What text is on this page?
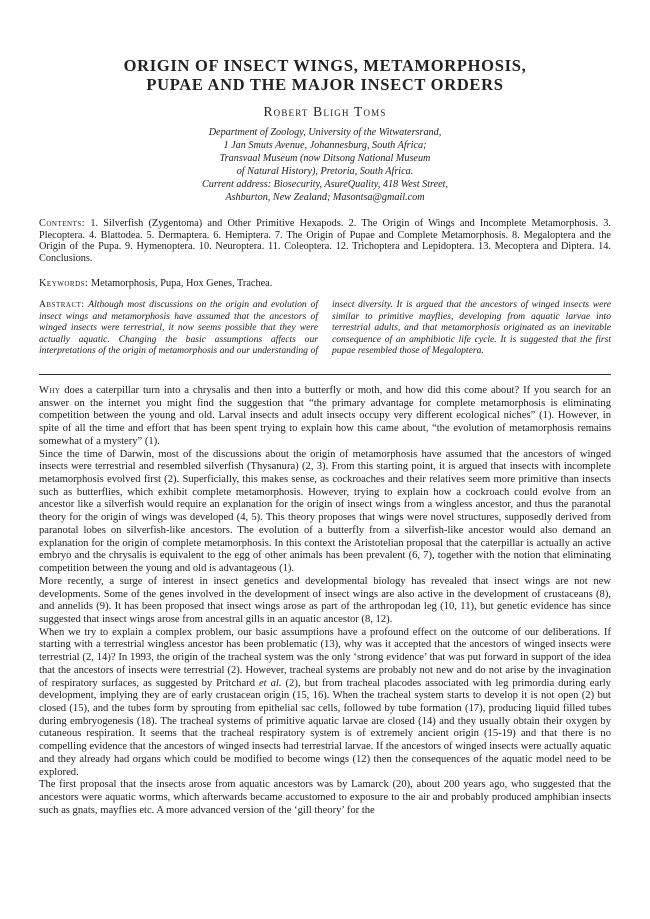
ORIGIN OF INSECT WINGS, METAMORPHOSIS,
PUPAE AND THE MAJOR INSECT ORDERS
Robert Bligh Toms
Department of Zoology, University of the Witwatersrand,
1 Jan Smuts Avenue, Johannesburg, South Africa;
Transvaal Museum (now Ditsong National Museum
of Natural History), Pretoria, South Africa.
Current address: Biosecurity, AsureQuality, 418 West Street,
Ashburton, New Zealand; Masontsa@gmail.com

Contents: 1. Silverfish (Zygentoma) and Other Primitive Hexapods. 2. The Origin of Wings and Incomplete Metamorphosis. 3. Plecoptera. 4. Blattodea. 5. Dermaptera. 6. Hemiptera. 7. The Origin of Pupae and Complete Metamorphosis. 8. Megaloptera and the Origin of the Pupa. 9. Hymenoptera. 10. Neuroptera. 11. Coleoptera. 12. Trichoptera and Lepidoptera. 13. Mecoptera and Diptera. 14. Conclusions.

Keywords: Metamorphosis, Pupa, Hox Genes, Trachea.

Abstract: Although most discussions on the origin and evolution of insect wings and metamorphosis have assumed that the ancestors of winged insects were terrestrial, it now seems possible that they were actually aquatic. Changing the basic assumptions affects our interpretations of the origin of metamorphosis and our understanding of insect diversity. It is argued that the ancestors of winged insects were similar to primitive mayflies, developing from aquatic larvae into terrestrial adults, and that metamorphosis originated as an inevitable consequence of an amphibiotic life cycle. It is suggested that the first pupae resembled those of Megaloptera.

Why does a caterpillar turn into a chrysalis and then into a butterfly or moth, and how did this come about? If you search for an answer on the internet you might find the suggestion that “the primary advantage for complete metamorphosis is eliminating competition between the young and old. Larval insects and adult insects occupy very different ecological niches” (1). However, in spite of all the time and effort that has been spent trying to explain how this came about, “the evolution of metamorphosis remains somewhat of a mystery” (1).

Since the time of Darwin, most of the discussions about the origin of metamorphosis have assumed that the ancestors of winged insects were terrestrial and resembled silverfish (Thysanura) (2, 3). From this starting point, it is argued that insects with incomplete metamorphosis evolved first (2). Superficially, this makes sense, as cockroaches and their relatives seem more primitive than insects such as butterflies, which exhibit complete metamorphosis. However, trying to explain how a cockroach could evolve from an ancestor like a silverfish would require an explanation for the origin of insect wings from a wingless ancestor, and thus the paranotal theory for the origin of wings was developed (4, 5). This theory proposes that wings were novel structures, supposedly derived from paranotal lobes on silverfish-like ancestors. The evolution of a butterfly from a silverfish-like ancestor would also demand an explanation for the origin of complete metamorphosis. In this context the Aristotelian proposal that the caterpillar is actually an active embryo and the chrysalis is equivalent to the egg of other animals has been prevalent (6, 7), together with the notion that eliminating competition between the young and old is advantageous (1).

More recently, a surge of interest in insect genetics and developmental biology has revealed that insect wings are not new developments. Some of the genes involved in the development of insect wings are also active in the development of crustaceans (8), and annelids (9). It has been proposed that insect wings arose as part of the arthropodan leg (10, 11), but genetic evidence has since suggested that insect wings arose from ancestral gills in an aquatic ancestor (8, 12).

When we try to explain a complex problem, our basic assumptions have a profound effect on the outcome of our deliberations. If starting with a terrestrial wingless ancestor has been problematic (13), why was it accepted that the ancestors of winged insects were terrestrial (2, 14)? In 1993, the origin of the tracheal system was the only ‘strong evidence’ that was put forward in support of the idea that the ancestors of insects were terrestrial (2). However, tracheal systems are probably not new and do not arise by the invagination of respiratory surfaces, as suggested by Pritchard et al. (2), but from tracheal placodes associated with leg primordia during early development, implying they are of early crustacean origin (15, 16). When the tracheal system starts to develop it is not open (2) but closed (15), and the tubes form by sprouting from epithelial sac cells, followed by tube formation (17), producing liquid filled tubes during embryogenesis (18). The tracheal systems of primitive aquatic larvae are closed (14) and they usually obtain their oxygen by cutaneous respiration. It seems that the tracheal respiratory system is of extremely ancient origin (15-19) and that there is no compelling evidence that the ancestors of winged insects had terrestrial larvae. If the ancestors of winged insects were actually aquatic and they already had organs which could be modified to become wings (12) then the consequences of the aquatic model need to be explored.

The first proposal that the insects arose from aquatic ancestors was by Lamarck (20), about 200 years ago, who suggested that the ancestors were aquatic worms, which afterwards became accustomed to exposure to the air and probably produced amphibian insects such as gnats, mayflies etc. A more advanced version of the ‘gill theory’ for the
